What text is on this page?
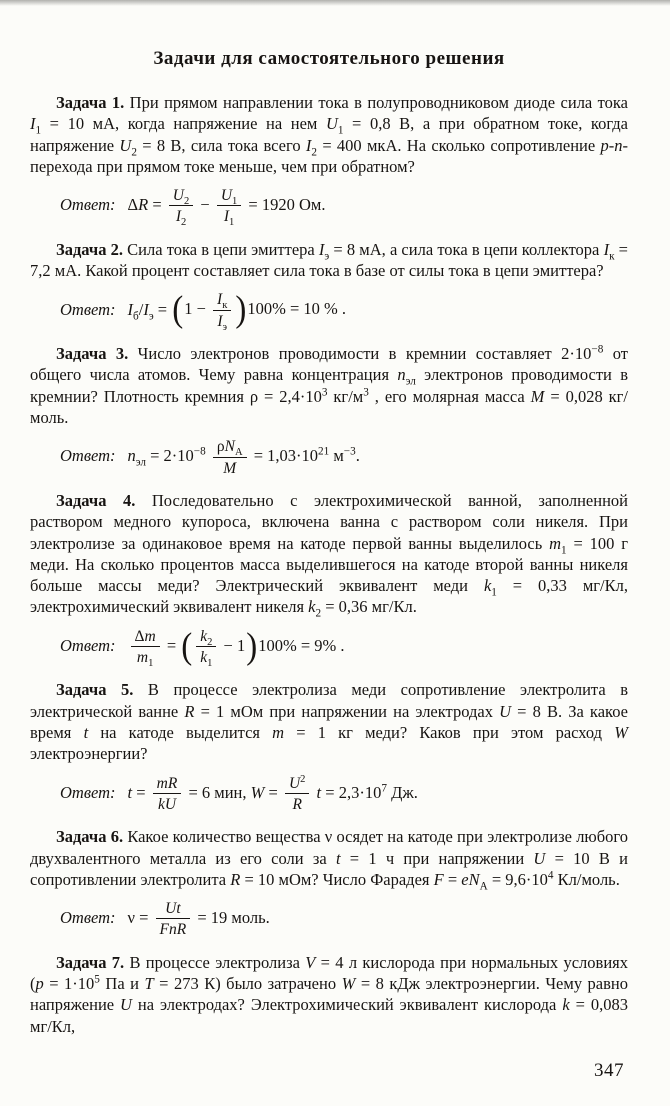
Задачи для самостоятельного решения

Задача 1. При прямом направлении тока в полупроводниковом диоде сила тока $I_1 = 10$ мА, когда напряжение на нем $U_1 = 0,8$ В, а при обратном токе, когда напряжение $U_2 = 8$ В, сила тока всего $I_2 = 400$ мкА. На сколько сопротивление p-n-перехода при прямом токе меньше, чем при обратном?

Ответ: $\Delta R = \frac{U_2}{I_2} - \frac{U_1}{I_1} = 1920$ Ом.

Задача 2. Сила тока в цепи эмиттера $I_э = 8$ мА, а сила тока в цепи коллектора $I_к = 7,2$ мА. Какой процент составляет сила тока в базе от силы тока в цепи эмиттера?

Ответ: $I_б/I_э = (1 - \frac{I_к}{I_э} )100\% = 10$ % .

Задача 3. Число электронов проводимости в кремнии составляет $2\cdot 10^{-8}$ от общего числа атомов. Чему равна концентрация $n_{эл}$ электронов проводимости в кремнии? Плотность кремния $\rho = 2,4\cdot 10^3$ $кг/м^3$ , его молярная масса M = 0,028 кг/моль.

Ответ: $n_{эл} = 2\cdot 10^{-8} \frac{\rho N_А}{M} = 1,03\cdot 10^{21}$ $м^{-3}$.

Задача 4. Последовательно с электрохимической ванной, заполненной раствором медного купороса, включена ванна с раствором соли никеля. При электролизе за одинаковое время на катоде первой ванны выделилось $m_1 = 100$ г меди. На сколько процентов масса выделившегося на катоде второй ванны никеля больше массы меди? Электрический эквивалент меди $k_1 = 0,33$ мг/Кл, электрохимический эквивалент никеля $k_2 = 0,36$ мг/Кл.

Ответ: $\frac{\Delta m}{m_1}$ = ( $\frac{k_2}{k_1} - 1)100\% = 9\%$ .

Задача 5. В процессе электролиза меди сопротивление электролита в электрической ванне R = 1 мОм при напряжении на электродах U = 8 В. За какое время t на катоде выделится m = 1 кг меди? Каков при этом расход W электроэнергии?

Ответ: $t = \frac{mR}{kU} = 6$ мин, $W = \frac{U^2}{R}$ $t = 2,3\cdot 10^7$ Дж.

Задача 6. Какое количество вещества ν осядет на катоде при электролизе любого двухвалентного металла из его соли за t = 1 ч при напряжении U = 10 В и сопротивлении электролита R = 10 мОм? Число Фарадея $F = eN_А = 9,6\cdot 10^4$ Кл/моль.

Ответ: $\nu = \frac{Ut}{\text{FnR}} = 19$ моль.

Задача 7. В процессе электролиза V = 4 л кислорода при нормальных условиях ($p = 1\cdot 10^5$ Па и T = 273 К) было затрачено W = 8 кДж электроэнергии. Чему равно напряжение U на электродах? Электрохимический эквивалент кислорода k = 0,083 мг/Кл,

347
